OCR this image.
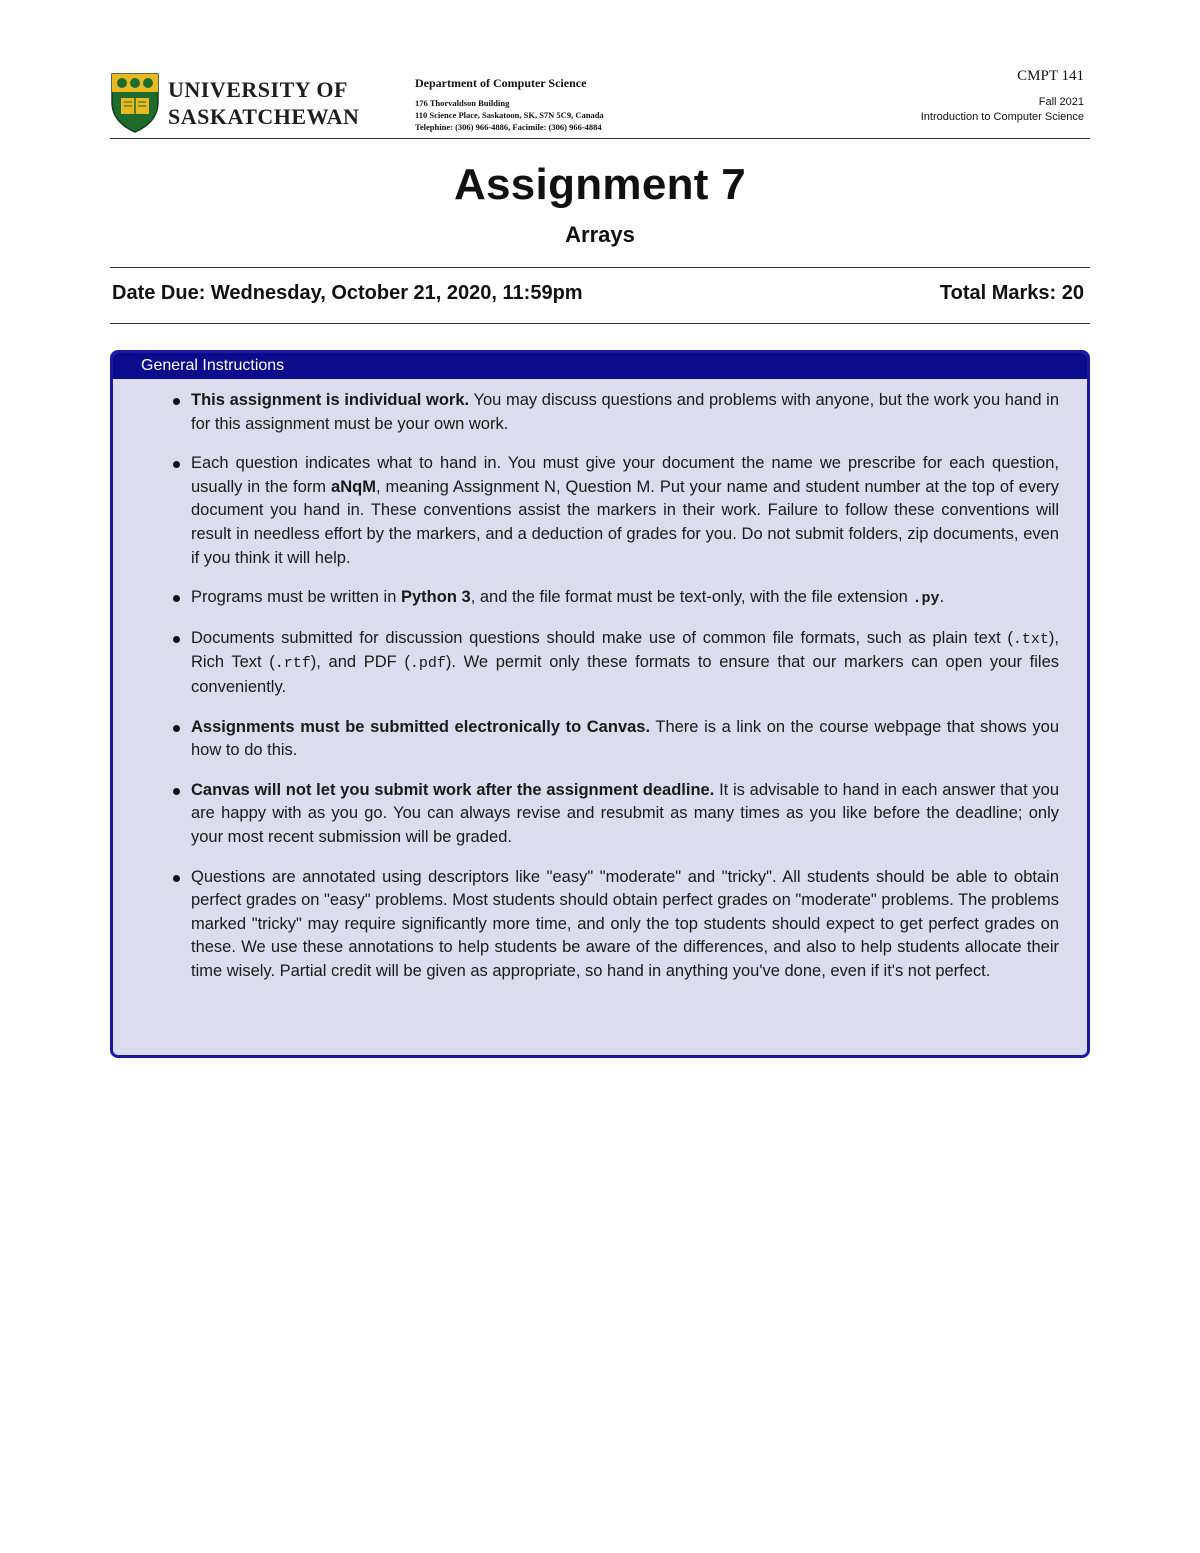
UNIVERSITY OF
SASKATCHEWAN
Department of Computer Science
176 Thorvaldson Building
110 Science Place, Saskatoon, SK, S7N 5C9, Canada
Telephine: (306) 966-4886, Facimile: (306) 966-4884
CMPT 141
Fall 2021
Introduction to Computer Science
Assignment 7
Arrays
Date Due: Wednesday, October 21, 2020, 11:59pm	Total Marks: 20
General Instructions
This assignment is individual work. You may discuss questions and problems with anyone, but the work you hand in for this assignment must be your own work.
Each question indicates what to hand in. You must give your document the name we prescribe for each question, usually in the form aNqM, meaning Assignment N, Question M. Put your name and student number at the top of every document you hand in. These conventions assist the markers in their work. Failure to follow these conventions will result in needless effort by the markers, and a deduction of grades for you. Do not submit folders, zip documents, even if you think it will help.
Programs must be written in Python 3, and the file format must be text-only, with the file extension .py.
Documents submitted for discussion questions should make use of common file formats, such as plain text (.txt), Rich Text (.rtf), and PDF (.pdf). We permit only these formats to ensure that our markers can open your files conveniently.
Assignments must be submitted electronically to Canvas. There is a link on the course webpage that shows you how to do this.
Canvas will not let you submit work after the assignment deadline. It is advisable to hand in each answer that you are happy with as you go. You can always revise and resubmit as many times as you like before the deadline; only your most recent submission will be graded.
Questions are annotated using descriptors like "easy" "moderate" and "tricky". All students should be able to obtain perfect grades on "easy" problems. Most students should obtain perfect grades on "moderate" problems. The problems marked "tricky" may require significantly more time, and only the top students should expect to get perfect grades on these. We use these annotations to help students be aware of the differences, and also to help students allocate their time wisely. Partial credit will be given as appropriate, so hand in anything you've done, even if it's not perfect.
